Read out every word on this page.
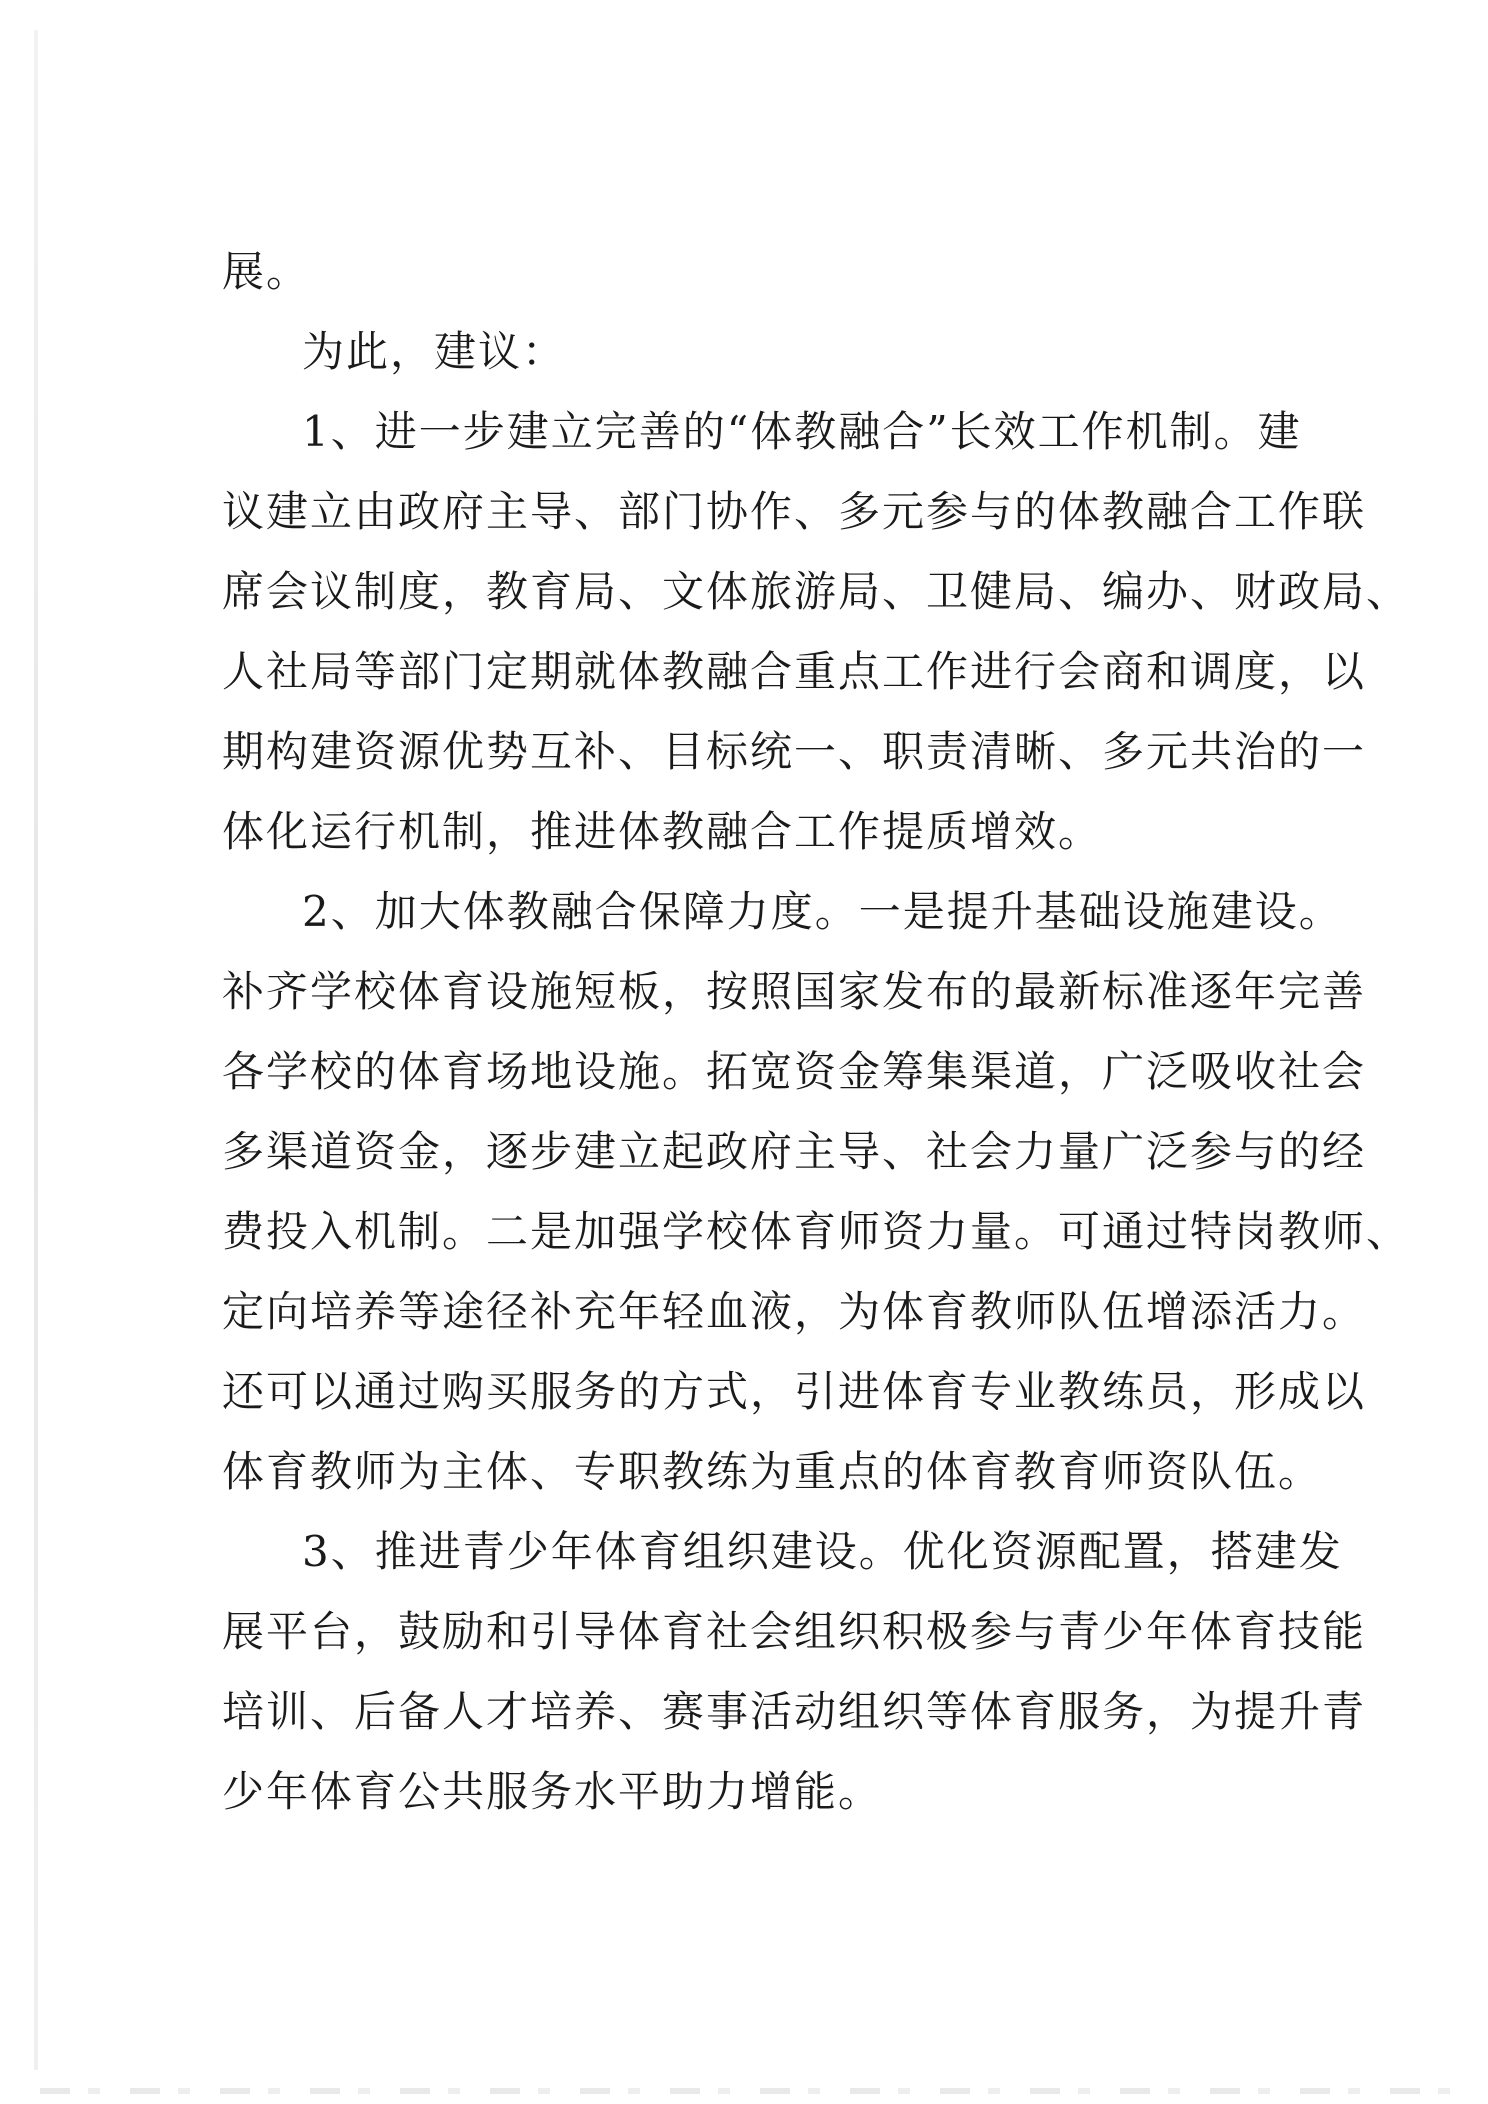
展。
为此，建议：
1、进一步建立完善的“体教融合”长效工作机制。建
议建立由政府主导、部门协作、多元参与的体教融合工作联
席会议制度，教育局、文体旅游局、卫健局、编办、财政局、
人社局等部门定期就体教融合重点工作进行会商和调度，以
期构建资源优势互补、目标统一、职责清晰、多元共治的一
体化运行机制，推进体教融合工作提质增效。
2、加大体教融合保障力度。一是提升基础设施建设。
补齐学校体育设施短板，按照国家发布的最新标准逐年完善
各学校的体育场地设施。拓宽资金筹集渠道，广泛吸收社会
多渠道资金，逐步建立起政府主导、社会力量广泛参与的经
费投入机制。二是加强学校体育师资力量。可通过特岗教师、
定向培养等途径补充年轻血液，为体育教师队伍增添活力。
还可以通过购买服务的方式，引进体育专业教练员，形成以
体育教师为主体、专职教练为重点的体育教育师资队伍。
3、推进青少年体育组织建设。优化资源配置，搭建发
展平台，鼓励和引导体育社会组织积极参与青少年体育技能
培训、后备人才培养、赛事活动组织等体育服务，为提升青
少年体育公共服务水平助力增能。
